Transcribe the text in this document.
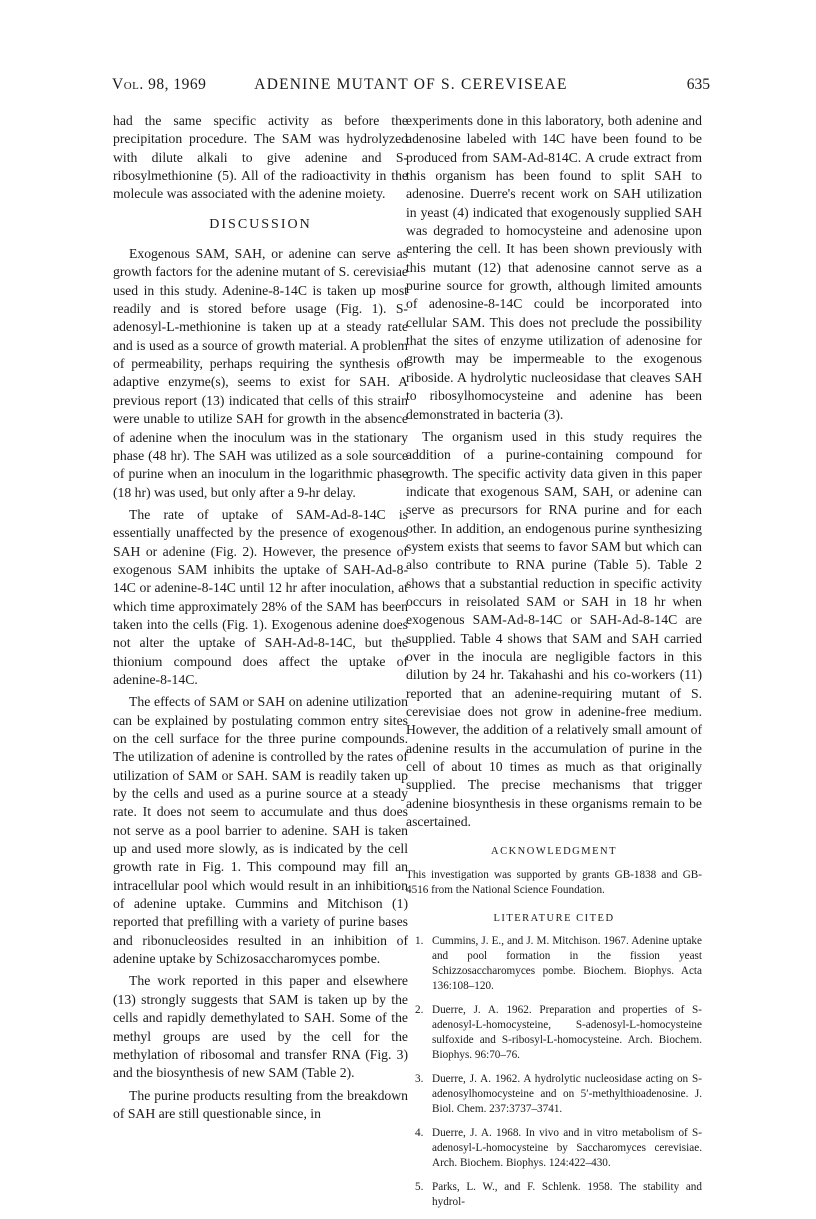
Vol. 98, 1969	ADENINE MUTANT OF S. CEREVISEAE	635

had the same specific activity as before the precipitation procedure. The SAM was hydrolyzed with dilute alkali to give adenine and S-ribosylmethionine (5). All of the radioactivity in the molecule was associated with the adenine moiety.

DISCUSSION

Exogenous SAM, SAH, or adenine can serve as growth factors for the adenine mutant of S. cerevisiae used in this study. Adenine-8-14C is taken up most readily and is stored before usage (Fig. 1). S-adenosyl-L-methionine is taken up at a steady rate and is used as a source of growth material. A problem of permeability, perhaps requiring the synthesis of adaptive enzyme(s), seems to exist for SAH. A previous report (13) indicated that cells of this strain were unable to utilize SAH for growth in the absence of adenine when the inoculum was in the stationary phase (48 hr). The SAH was utilized as a sole source of purine when an inoculum in the logarithmic phase (18 hr) was used, but only after a 9-hr delay.

The rate of uptake of SAM-Ad-8-14C is essentially unaffected by the presence of exogenous SAH or adenine (Fig. 2). However, the presence of exogenous SAM inhibits the uptake of SAH-Ad-8-14C or adenine-8-14C until 12 hr after inoculation, at which time approximately 28% of the SAM has been taken into the cells (Fig. 1). Exogenous adenine does not alter the uptake of SAH-Ad-8-14C, but the thionium compound does affect the uptake of adenine-8-14C.

The effects of SAM or SAH on adenine utilization can be explained by postulating common entry sites on the cell surface for the three purine compounds. The utilization of adenine is controlled by the rates of utilization of SAM or SAH. SAM is readily taken up by the cells and used as a purine source at a steady rate. It does not seem to accumulate and thus does not serve as a pool barrier to adenine. SAH is taken up and used more slowly, as is indicated by the cell growth rate in Fig. 1. This compound may fill an intracellular pool which would result in an inhibition of adenine uptake. Cummins and Mitchison (1) reported that prefilling with a variety of purine bases and ribonucleosides resulted in an inhibition of adenine uptake by Schizosaccharomyces pombe.

The work reported in this paper and elsewhere (13) strongly suggests that SAM is taken up by the cells and rapidly demethylated to SAH. Some of the methyl groups are used by the cell for the methylation of ribosomal and transfer RNA (Fig. 3) and the biosynthesis of new SAM (Table 2).

The purine products resulting from the breakdown of SAH are still questionable since, in

experiments done in this laboratory, both adenine and adenosine labeled with 14C have been found to be produced from SAM-Ad-814C. A crude extract from this organism has been found to split SAH to adenosine. Duerre's recent work on SAH utilization in yeast (4) indicated that exogenously supplied SAH was degraded to homocysteine and adenosine upon entering the cell. It has been shown previously with this mutant (12) that adenosine cannot serve as a purine source for growth, although limited amounts of adenosine-8-14C could be incorporated into cellular SAM. This does not preclude the possibility that the sites of enzyme utilization of adenosine for growth may be impermeable to the exogenous riboside. A hydrolytic nucleosidase that cleaves SAH to ribosylhomocysteine and adenine has been demonstrated in bacteria (3).

The organism used in this study requires the addition of a purine-containing compound for growth. The specific activity data given in this paper indicate that exogenous SAM, SAH, or adenine can serve as precursors for RNA purine and for each other. In addition, an endogenous purine synthesizing system exists that seems to favor SAM but which can also contribute to RNA purine (Table 5). Table 2 shows that a substantial reduction in specific activity occurs in reisolated SAM or SAH in 18 hr when exogenous SAM-Ad-8-14C or SAH-Ad-8-14C are supplied. Table 4 shows that SAM and SAH carried over in the inocula are negligible factors in this dilution by 24 hr. Takahashi and his co-workers (11) reported that an adenine-requiring mutant of S. cerevisiae does not grow in adenine-free medium. However, the addition of a relatively small amount of adenine results in the accumulation of purine in the cell of about 10 times as much as that originally supplied. The precise mechanisms that trigger adenine biosynthesis in these organisms remain to be ascertained.

ACKNOWLEDGMENT

This investigation was supported by grants GB-1838 and GB-4516 from the National Science Foundation.

LITERATURE CITED
1. Cummins, J. E., and J. M. Mitchison. 1967. Adenine uptake and pool formation in the fission yeast Schizzosaccharomyces pombe. Biochem. Biophys. Acta 136:108–120.
2. Duerre, J. A. 1962. Preparation and properties of S-adenosyl-L-homocysteine, S-adenosyl-L-homocysteine sulfoxide and S-ribosyl-L-homocysteine. Arch. Biochem. Biophys. 96:70–76.
3. Duerre, J. A. 1962. A hydrolytic nucleosidase acting on S-adenosylhomocysteine and on 5′-methylthioadenosine. J. Biol. Chem. 237:3737–3741.
4. Duerre, J. A. 1968. In vivo and in vitro metabolism of S-adenosyl-L-homocysteine by Saccharomyces cerevisiae. Arch. Biochem. Biophys. 124:422–430.
5. Parks, L. W., and F. Schlenk. 1958. The stability and hydrol-
